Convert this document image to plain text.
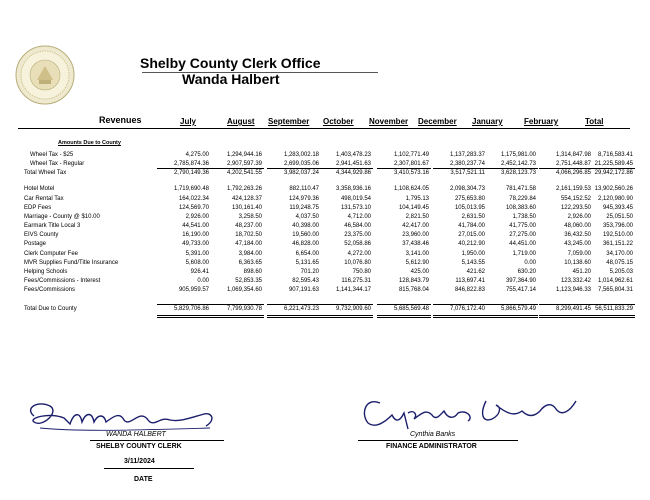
Shelby County Clerk Office
Wanda Halbert
Revenues	July	August September October November December January	February	Total
Amounts Due to County
Wheel Tax - $25	4,275.00	1,294,944.16	1,283,002.18	1,403,478.23	1,102,771.49	1,137,283.37	1,175,981.00	1,314,847.98	8,716,583.41
Wheel Tax - Regular	2,785,874.36	2,907,597.39	2,699,035.06	2,941,451.63	2,307,801.67	2,380,237.74	2,452,142.73	2,751,448.87 21,225,589.45
Total Wheel Tax	2,790,149.36	4,202,541.55	3,982,037.24	4,344,929.86	3,410,573.16	3,517,521.11	3,628,123.73	4,066,296.85 29,942,172.86
Hotel Motel	1,719,690.48	1,792,263.26	882,110.47	3,358,936.16	1,108,624.05	2,098,304.73	781,471.58	2,161,159.53 13,902,560.26
Car Rental Tax	164,022.34	424,128.37	124,979.36	498,019.54	1,795.13	275,653.80	78,229.84	554,152.52	2,120,980.90
EDP Fees	124,569.70	130,161.40	119,248.75	131,573.10	104,149.45	105,013.95	108,383.60	122,293.50	945,393.45
Marriage - County @ $10.00	2,926.00	3,258.50	4,037.50	4,712.00	2,821.50	2,631.50	1,738.50	2,926.00	25,051.50
Earmark Title Local 3	44,541.00	48,237.00	40,398.00	46,584.00	42,417.00	41,784.00	41,775.00	48,060.00	353,796.00
EIVS County	16,190.00	18,702.50	19,560.00	23,375.00	23,960.00	27,015.00	27,275.00	36,432.50	192,510.00
Postage	49,733.00	47,184.00	46,828.00	52,058.86	37,438.46	40,212.90	44,451.00	43,245.00	361,151.22
Clerk Computer Fee	5,391.00	3,984.00	6,654.00	4,272.00	3,141.00	1,950.00	1,719.00	7,059.00	34,170.00
MVR Supplies Fund/Title Insurance	5,608.00	6,363.65	5,131.65	10,076.80	5,612.90	5,143.55	0.00	10,138.60	48,075.15
Helping Schools	926.41	898.60	701.20	750.80	425.00	421.62	630.20	451.20	5,205.03
Fees/Commissions - Interest	0.00	52,853.35	82,595.43	116,275.31	128,843.79	113,697.41	397,364.90	123,332.42	1,014,962.61
Fees/Commissions	905,959.57	1,069,354.60	907,191.63	1,141,344.17	815,768.04	846,822.83	755,417.14	1,123,946.33	7,565,804.31
Total Due to County	5,829,706.86	7,799,930.78	6,221,473.23	9,732,909.60	5,685,569.48	7,076,172.40	5,866,579.49	8,299,491.45 56,511,833.29
WANDA HALBERT
SHELBY COUNTY CLERK
Cynthia Banks
FINANCE ADMINISTRATOR
3/11/2024
DATE
